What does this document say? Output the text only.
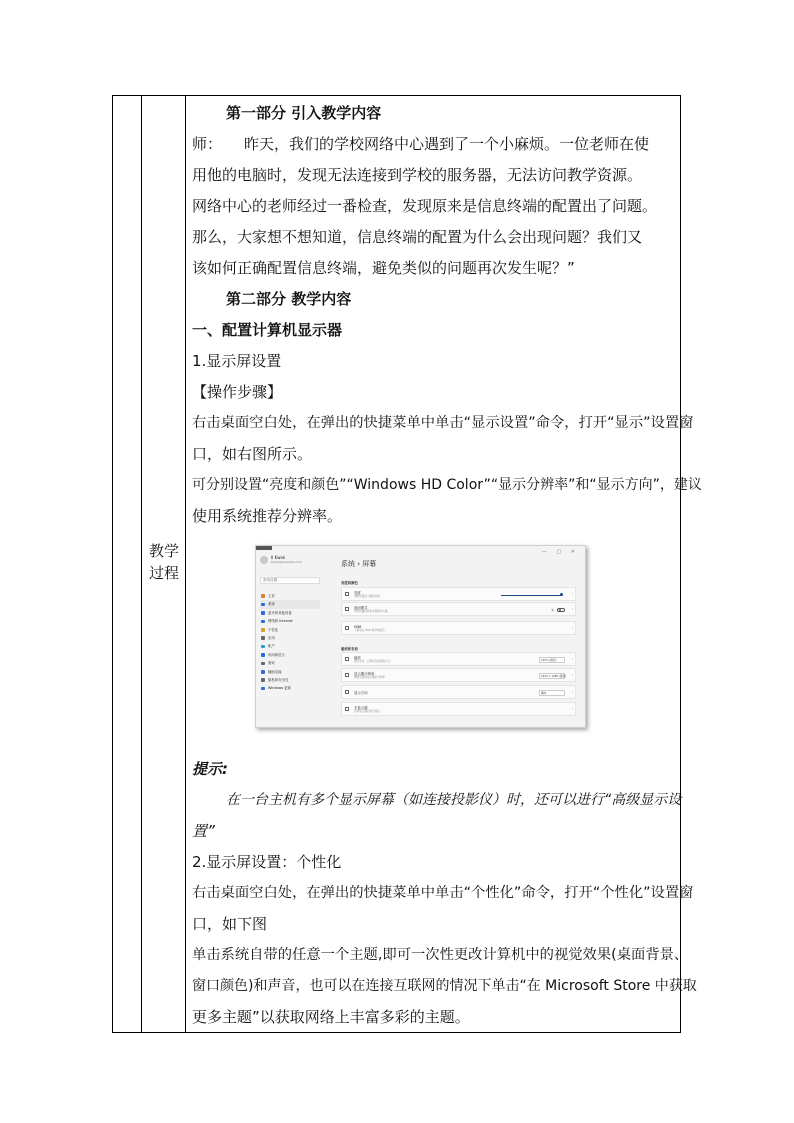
教学过程

第一部分 引入教学内容

师： 昨天，我们的学校网络中心遇到了一个小麻烦。一位老师在使

用他的电脑时，发现无法连接到学校的服务器，无法访问教学资源。

网络中心的老师经过一番检查，发现原来是信息终端的配置出了问题。

那么，大家想不想知道，信息终端的配置为什么会出现问题？我们又

该如何正确配置信息终端，避免类似的问题再次发生呢？”

第二部分 教学内容

一、配置计算机显示器

1.显示屏设置

【操作步骤】

右击桌面空白处，在弹出的快捷菜单中单击“显示设置”命令，打开“显示”设置窗

口，如右图所示。

可分别设置“亮度和颜色”“Windows HD Color”“显示分辨率”和“显示方向”，建议

使用系统推荐分辨率。

提示:

在一台主机有多个显示屏幕（如连接投影仪）时，还可以进行“高级显示设

置”

2.显示屏设置：个性化

右击桌面空白处，在弹出的快捷菜单中单击“个性化”命令，打开“个性化”设置窗

口，如下图

单击系统自带的任意一个主题,即可一次性更改计算机中的视觉效果(桌面背景、

窗口颜色)和声音，也可以在连接互联网的情况下单击“在 Microsoft Store 中获取

更多主题”以获取网络上丰富多彩的主题。

— ▢ ✕
II Kwok
kwok@example.com
查找设置
主页
系统
蓝牙和其他设备
网络和 Internet
个性化
应用
帐户
时间和语言
游戏
辅助功能
隐私和安全性
Windows 更新
系统 › 屏幕
亮度和颜色
缩放和布局
亮度
调整内置显示器的亮度
›
夜间模式
使用较暖的颜色来帮助你入睡	关	›
HDR
了解有关 HDR 的详细信息
›
缩放
更改文本、应用和其他项的大小	125% (推荐)	›
显示器分辨率
调整连接的显示器的分辨率	1920 × 1080 (推荐) ›
显示方向	横向	›
多显示器
选择显示器的显示模式
›
